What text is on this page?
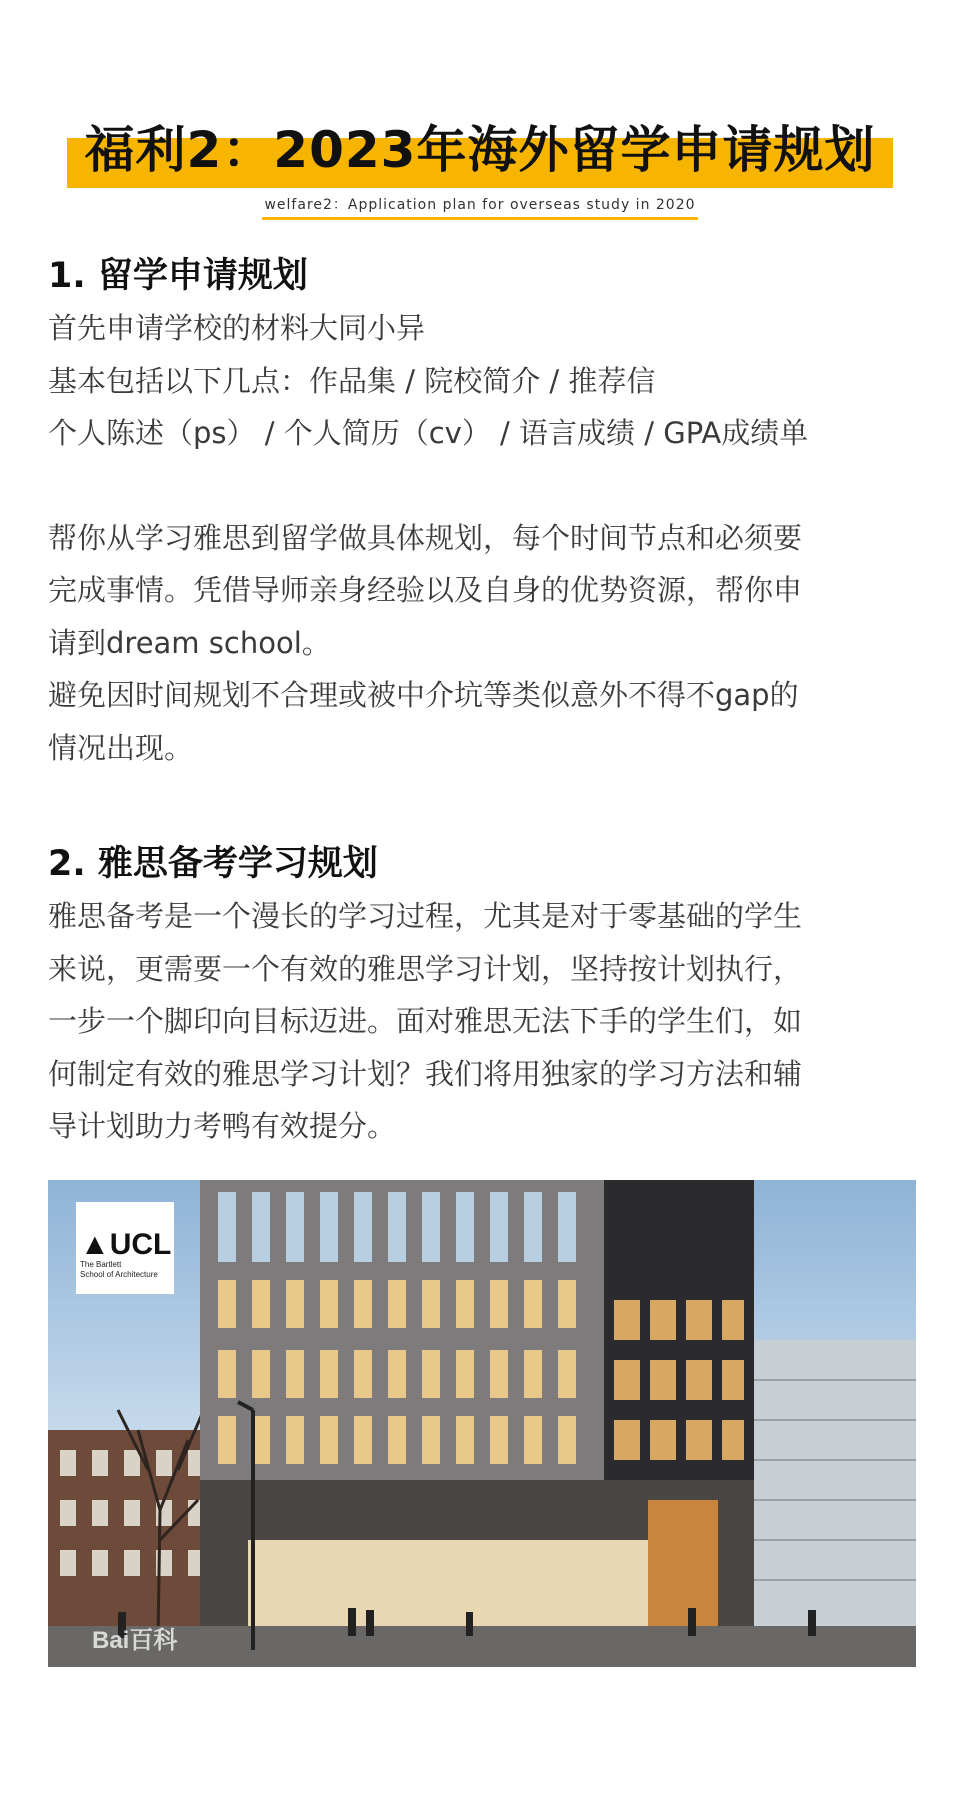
福利2：2023年海外留学申请规划
welfare2：Application plan for overseas study in 2020
1. 留学申请规划

首先申请学校的材料大同小异
基本包括以下几点：作品集 / 院校简介 / 推荐信
个人陈述（ps） / 个人简历（cv） / 语言成绩 / GPA成绩单

帮你从学习雅思到留学做具体规划，每个时间节点和必须要
完成事情。凭借导师亲身经验以及自身的优势资源，帮你申
请到dream school。
避免因时间规划不合理或被中介坑等类似意外不得不gap的
情况出现。

2. 雅思备考学习规划

雅思备考是一个漫长的学习过程，尤其是对于零基础的学生
来说，更需要一个有效的雅思学习计划，坚持按计划执行，
一步一个脚印向目标迈进。面对雅思无法下手的学生们，如
何制定有效的雅思学习计划？我们将用独家的学习方法和辅
导计划助力考鸭有效提分。

▲UCL
The Bartlett
School of Architecture
Bai百科
